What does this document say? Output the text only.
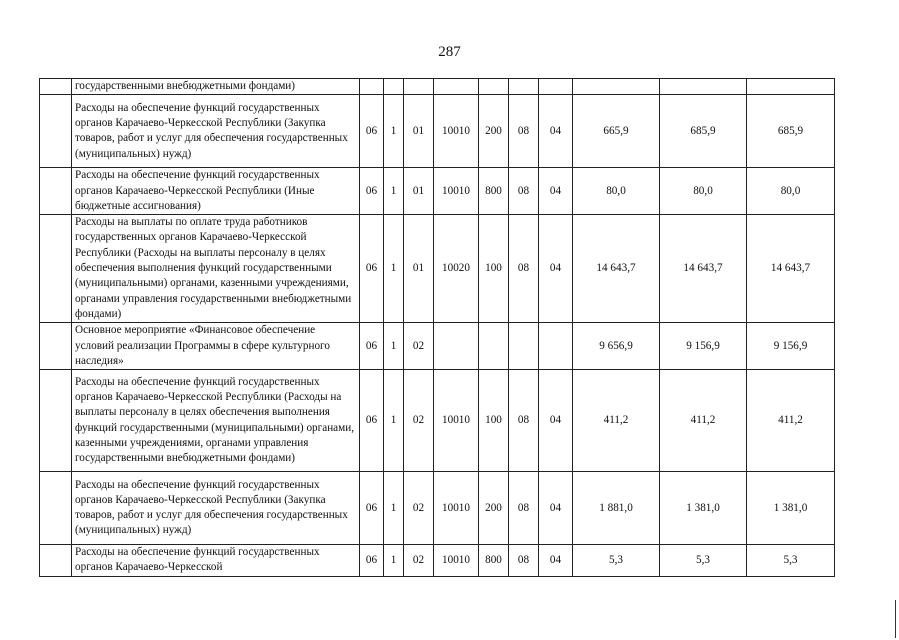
287
	государственными внебюджетными фондами)										
	Расходы на обеспечение функций государственных органов Карачаево-Черкесской Республики (Закупка товаров, работ и услуг для обеспечения государственных (муниципальных) нужд)	06	1	01	10010	200	08	04	665,9	685,9	685,9
	Расходы на обеспечение функций государственных органов Карачаево-Черкесской Республики (Иные бюджетные ассигнования)	06	1	01	10010	800	08	04	80,0	80,0	80,0
	Расходы на выплаты по оплате труда работников государственных органов Карачаево-Черкесской Республики (Расходы на выплаты персоналу в целях обеспечения выполнения функций государственными (муниципальными) органами, казенными учреждениями, органами управления государственными внебюджетными фондами)	06	1	01	10020	100	08	04	14 643,7	14 643,7	14 643,7
	Основное мероприятие «Финансовое обеспечение условий реализации Программы в сфере культурного наследия»	06	1	02					9 656,9	9 156,9	9 156,9
	Расходы на обеспечение функций государственных органов Карачаево-Черкесской Республики (Расходы на выплаты персоналу в целях обеспечения выполнения функций государственными (муниципальными) органами, казенными учреждениями, органами управления государственными внебюджетными фондами)	06	1	02	10010	100	08	04	411,2	411,2	411,2
	Расходы на обеспечение функций государственных органов Карачаево-Черкесской Республики (Закупка товаров, работ и услуг для обеспечения государственных (муниципальных) нужд)	06	1	02	10010	200	08	04	1 881,0	1 381,0	1 381,0
	Расходы на обеспечение функций государственных органов Карачаево-Черкесской	06	1	02	10010	800	08	04	5,3	5,3	5,3
